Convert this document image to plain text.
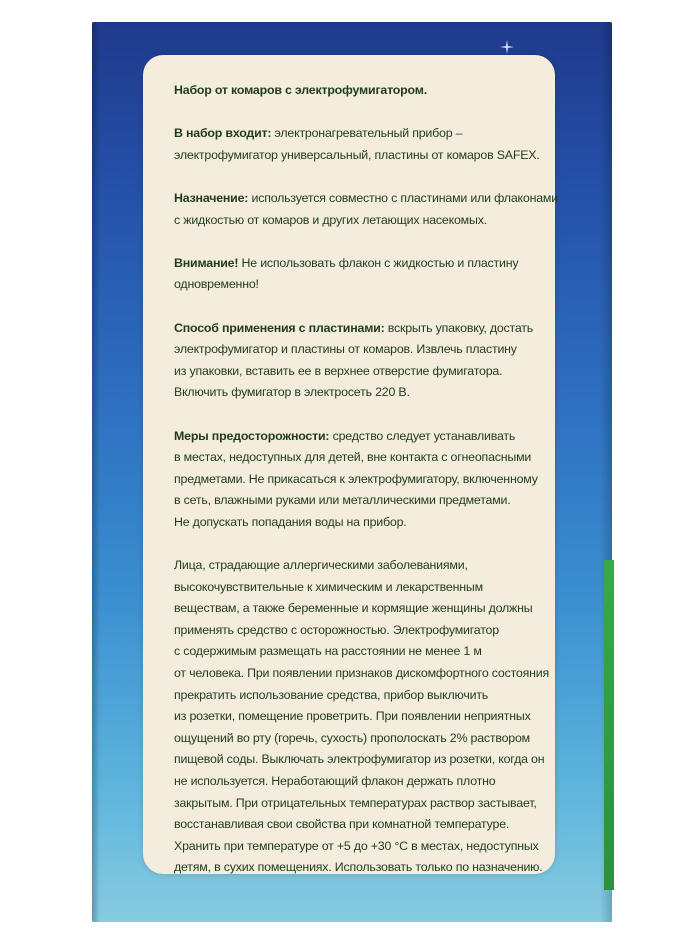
Набор от комаров с электрофумигатором.

В набор входит: электронагревательный прибор –
электрофумигатор универсальный, пластины от комаров SAFEX.

Назначение: используется совместно с пластинами или флаконами
с жидкостью от комаров и других летающих насекомых.

Внимание! Не использовать флакон с жидкостью и пластину
одновременно!

Способ применения с пластинами: вскрыть упаковку, достать
электрофумигатор и пластины от комаров. Извлечь пластину
из упаковки, вставить ее в верхнее отверстие фумигатора.
Включить фумигатор в электросеть 220 В.

Меры предосторожности: средство следует устанавливать
в местах, недоступных для детей, вне контакта с огнеопасными
предметами. Не прикасаться к электрофумигатору, включенному
в сеть, влажными руками или металлическими предметами.
Не допускать попадания воды на прибор.

Лица, страдающие аллергическими заболеваниями,
высокочувствительные к химическим и лекарственным
веществам, а также беременные и кормящие женщины должны
применять средство с осторожностью. Электрофумигатор
с содержимым размещать на расстоянии не менее 1 м
от человека. При появлении признаков дискомфортного состояния
прекратить использование средства, прибор выключить
из розетки, помещение проветрить. При появлении неприятных
ощущений во рту (горечь, сухость) прополоскать 2% раствором
пищевой соды. Выключать электрофумигатор из розетки, когда он
не используется. Неработающий флакон держать плотно
закрытым. При отрицательных температурах раствор застывает,
восстанавливая свои свойства при комнатной температуре.
Хранить при температуре от +5 до +30 °С в местах, недоступных
детям, в сухих помещениях. Использовать только по назначению.
